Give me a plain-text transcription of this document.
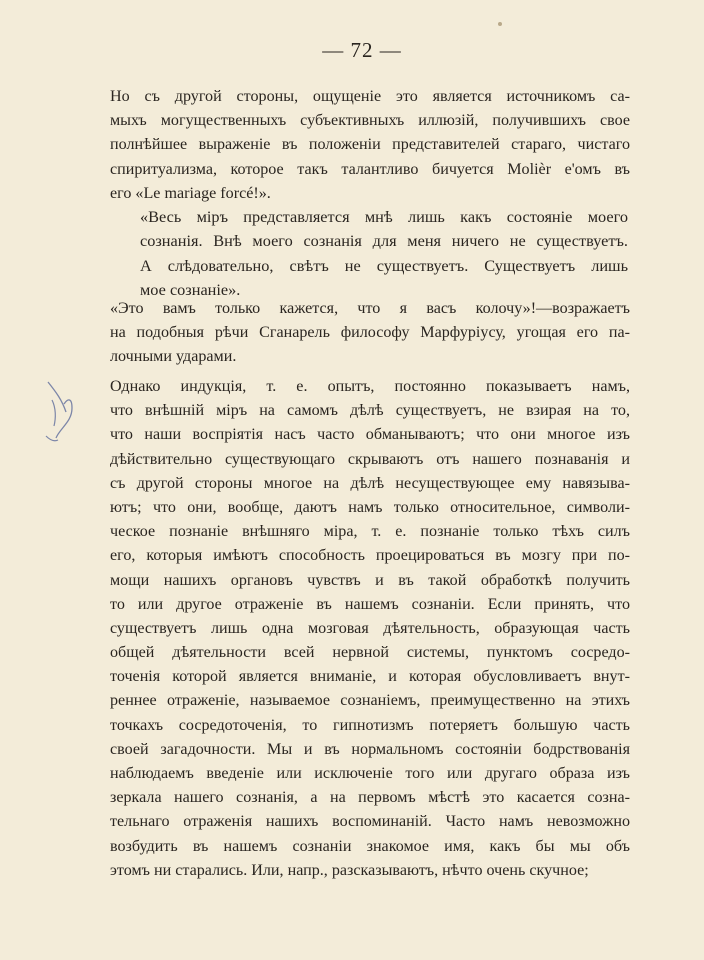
— 72 —
Но съ другой стороны, ощущеніе это является источникомъ са-
мыхъ могущественныхъ субъективныхъ иллюзій, получившихъ свое
полнѣйшее выраженіе въ положеніи представителей стараго, чистаго
спиритуализма, которое такъ талантливо бичуется Molièr e'омъ въ
его «Le mariage forcé!».
«Весь міръ представляется мнѣ лишь какъ состояніе моего
сознанія. Внѣ моего сознанія для меня ничего не существуетъ.
А слѣдовательно, свѣтъ не существуетъ. Существуетъ лишь
мое сознаніе».
«Это вамъ только кажется, что я васъ колочу»!—возражаетъ
на подобныя рѣчи Сганарель философу Марфуріусу, угощая его па-
лочными ударами.
Однако индукція, т. е. опытъ, постоянно показываетъ намъ,
что внѣшній міръ на самомъ дѣлѣ существуетъ, не взирая на то,
что наши воспріятія насъ часто обманываютъ; что они многое изъ
дѣйствительно существующаго скрываютъ отъ нашего познаванія и
съ другой стороны многое на дѣлѣ несуществующее ему навязыва-
ютъ; что они, вообще, даютъ намъ только относительное, символи-
ческое познаніе внѣшняго міра, т. е. познаніе только тѣхъ силъ
его, которыя имѣютъ способность проецироваться въ мозгу при по-
мощи нашихъ органовъ чувствъ и въ такой обработкѣ получить
то или другое отраженіе въ нашемъ сознаніи. Если принять, что
существуетъ лишь одна мозговая дѣятельность, образующая часть
общей дѣятельности всей нервной системы, пунктомъ сосредо-
точенія которой является вниманіе, и которая обусловливаетъ внут-
реннее отраженіе, называемое сознаніемъ, преимущественно на этихъ
точкахъ сосредоточенія, то гипнотизмъ потеряетъ большую часть
своей загадочности. Мы и въ нормальномъ состояніи бодрствованія
наблюдаемъ введеніе или исключеніе того или другаго образа изъ
зеркала нашего сознанія, а на первомъ мѣстѣ это касается созна-
тельнаго отраженія нашихъ воспоминаній. Часто намъ невозможно
возбудить въ нашемъ сознаніи знакомое имя, какъ бы мы объ
этомъ ни старались. Или, напр., разсказываютъ, нѣчто очень скучное;
